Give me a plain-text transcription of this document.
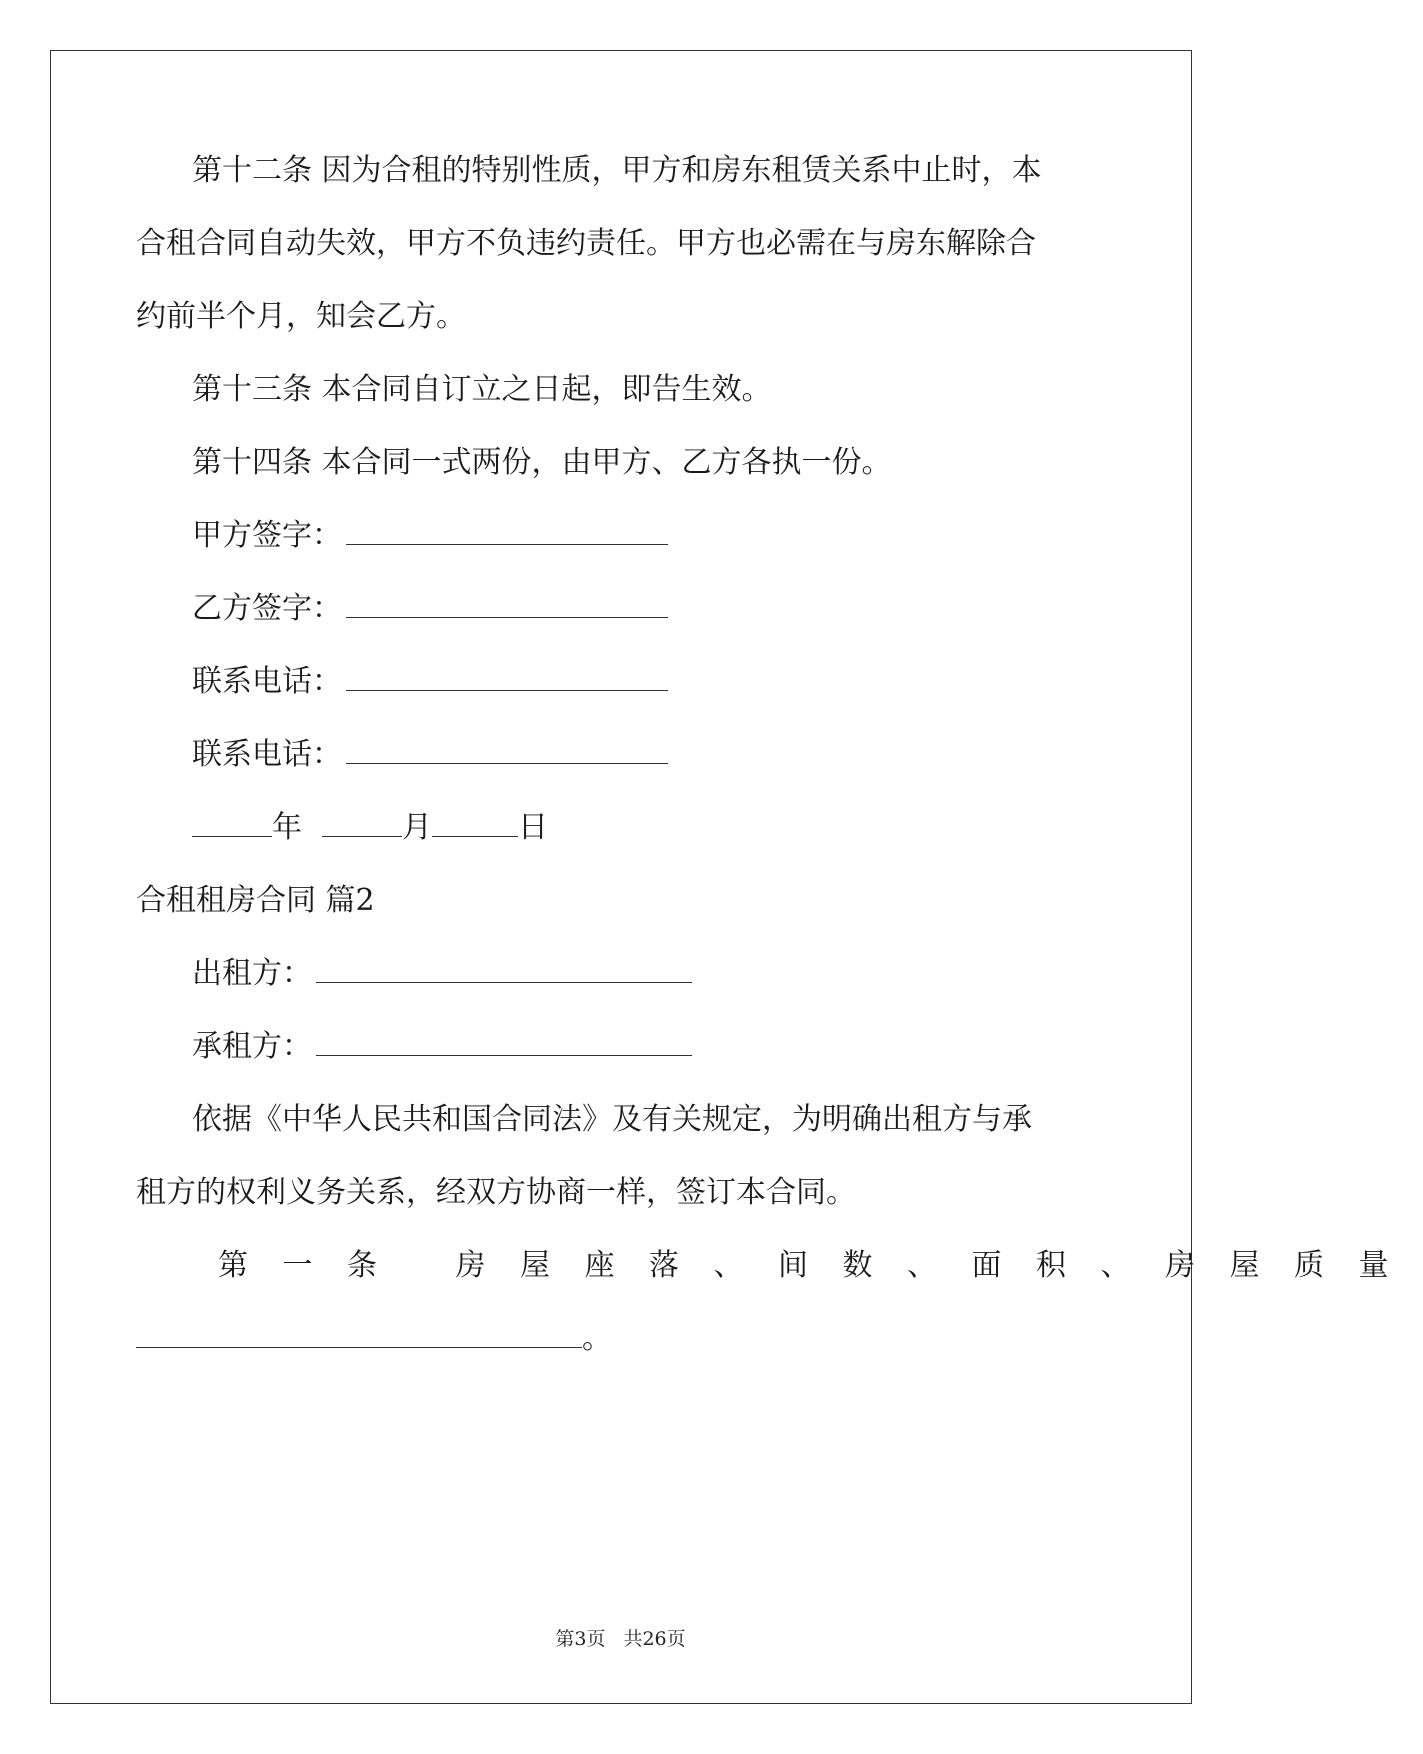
第十二条 因为合租的特别性质，甲方和房东租赁关系中止时，本
合租合同自动失效，甲方不负违约责任。甲方也必需在与房东解除合
约前半个月，知会乙方。
第十三条 本合同自订立之日起，即告生效。
第十四条 本合同一式两份，由甲方、乙方各执一份。
甲方签字：
乙方签字：
联系电话：
联系电话：
年	月	日
合租租房合同 篇2
出租方：
承租方：
依据《中华人民共和国合同法》及有关规定，为明确出租方与承
租方的权利义务关系，经双方协商一样，签订本合同。
第一条 房屋座落、间数、面积、房屋质量
。
第3页 共26页
